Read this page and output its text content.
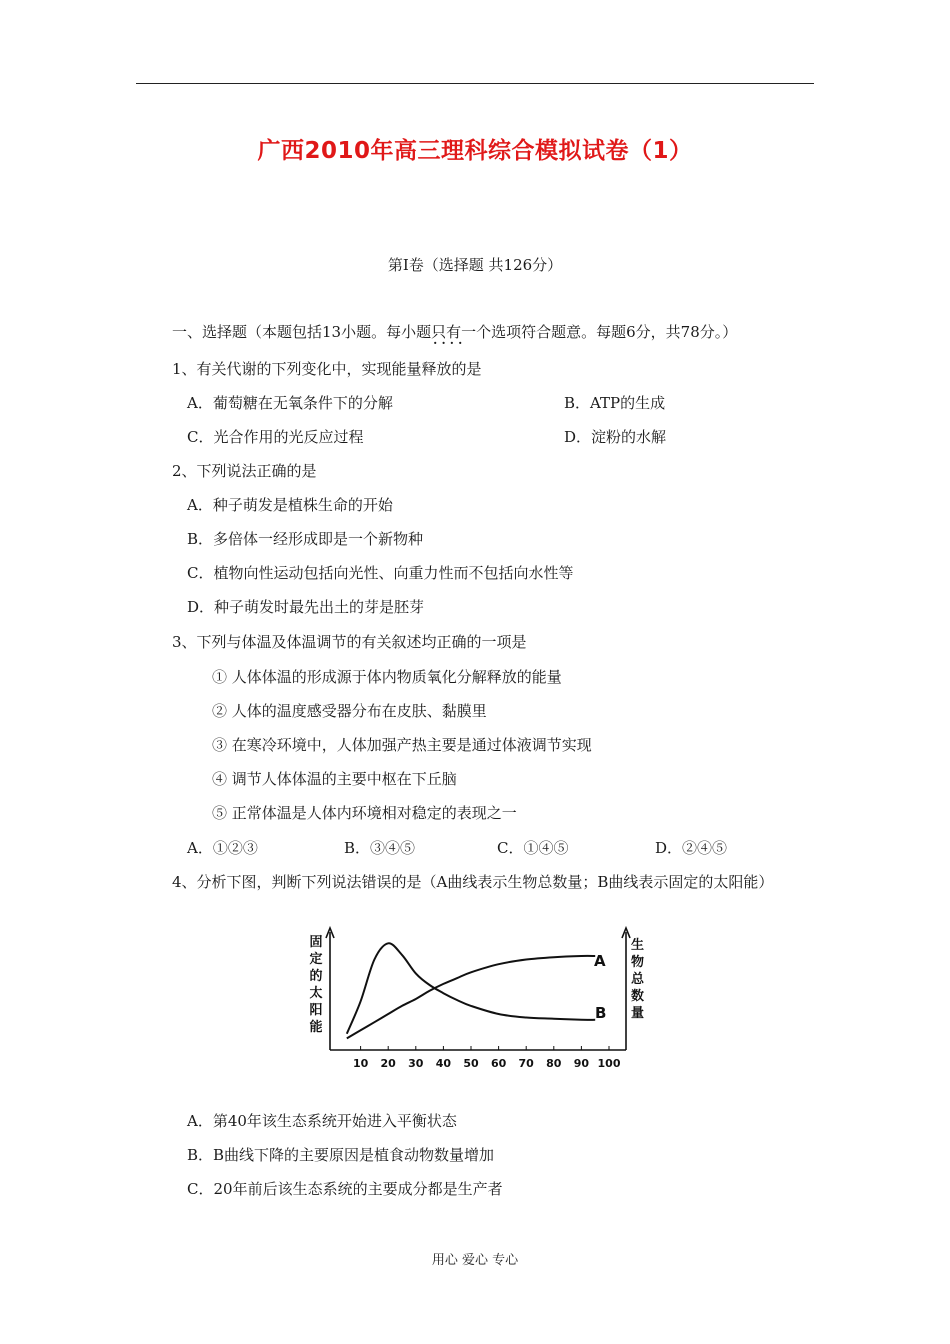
广西2010年高三理科综合模拟试卷（1）
第Ⅰ卷（选择题 共126分）
一、选择题（本题包括13小题。每小题只有一个 · · 选项符合题意。每题6分，共78分。）
1、有关代谢的下列变化中，实现能量释放的是
A．葡萄糖在无氧条件下的分解	B．ATP的生成
C．光合作用的光反应过程	D．淀粉的水解
2、下列说法正确的是
A．种子萌发是植株生命的开始
B．多倍体一经形成即是一个新物种
C．植物向性运动包括向光性、向重力性而不包括向水性等
D．种子萌发时最先出土的芽是胚芽
3、下列与体温及体温调节的有关叙述均正确的一项是
① 人体体温的形成源于体内物质氧化分解释放的能量
② 人体的温度感受器分布在皮肤、黏膜里
③ 在寒冷环境中，人体加强产热主要是通过体液调节实现
④ 调节人体体温的主要中枢在下丘脑
⑤ 正常体温是人体内环境相对稳定的表现之一
A．①②③	B．③④⑤	C．①④⑤	D．②④⑤
4、分析下图，判断下列说法错误的是（A曲线表示生物总数量；B曲线表示固定的太阳能）
固
定
的
太
阳
能
生
物
总
数
量
10 20 30 40 50 60 70 80 90 100
A
B
A．第40年该生态系统开始进入平衡状态
B．B曲线下降的主要原因是植食动物数量增加
C．20年前后该生态系统的主要成分都是生产者
用心 爱心 专心
